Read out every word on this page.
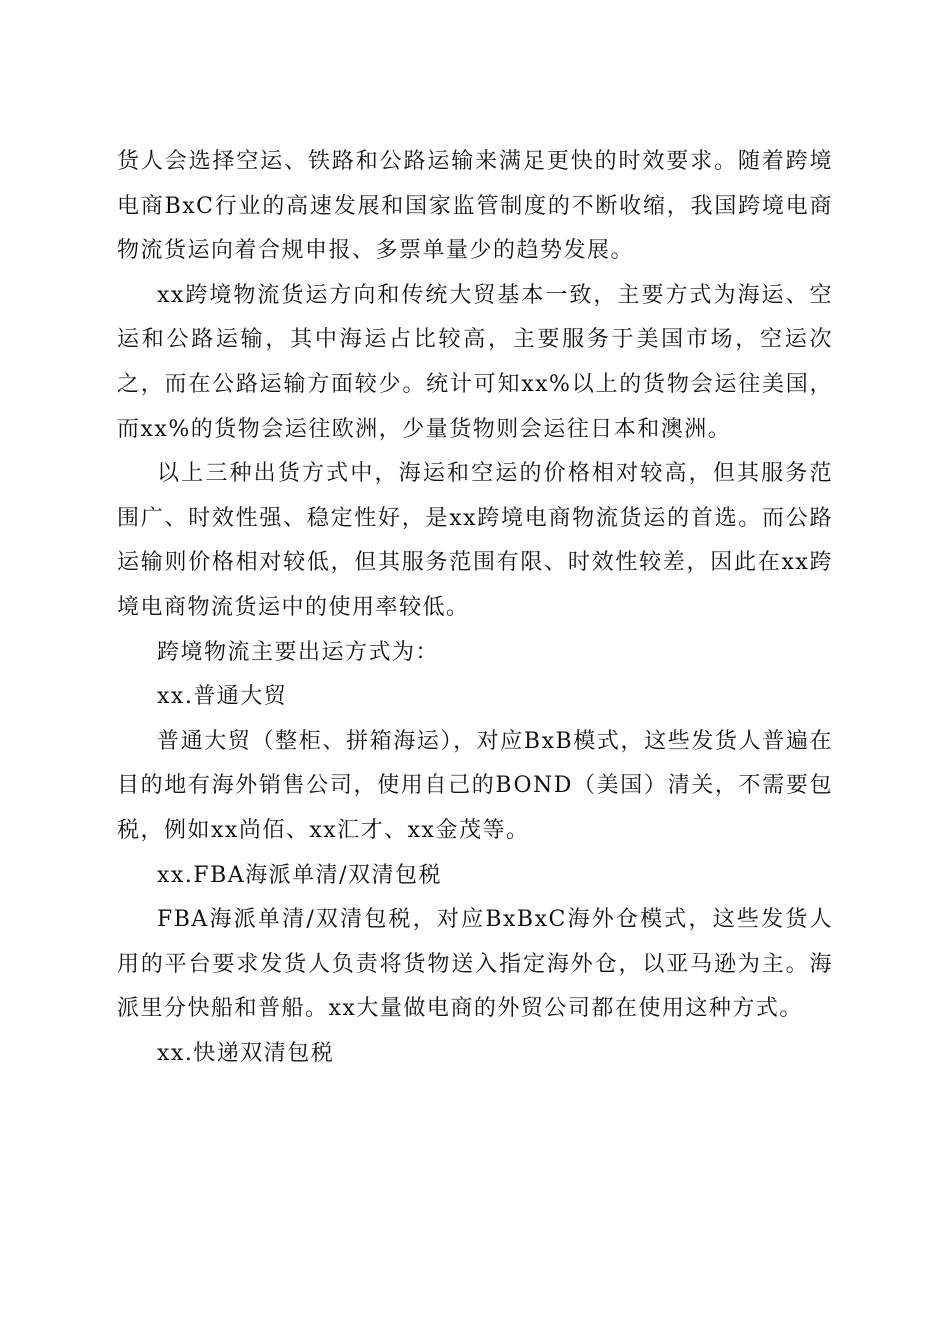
货人会选择空运、铁路和公路运输来满足更快的时效要求。随着跨境电商BxC行业的高速发展和国家监管制度的不断收缩，我国跨境电商物流货运向着合规申报、多票单量少的趋势发展。

xx跨境物流货运方向和传统大贸基本一致，主要方式为海运、空运和公路运输，其中海运占比较高，主要服务于美国市场，空运次之，而在公路运输方面较少。统计可知xx%以上的货物会运往美国，而xx%的货物会运往欧洲，少量货物则会运往日本和澳洲。

以上三种出货方式中，海运和空运的价格相对较高，但其服务范围广、时效性强、稳定性好，是xx跨境电商物流货运的首选。而公路运输则价格相对较低，但其服务范围有限、时效性较差，因此在xx跨境电商物流货运中的使用率较低。

跨境物流主要出运方式为：

xx.普通大贸

普通大贸（整柜、拼箱海运），对应BxB模式，这些发货人普遍在目的地有海外销售公司，使用自己的BOND（美国）清关，不需要包税，例如xx尚佰、xx汇才、xx金茂等。

xx.FBA海派单清/双清包税

FBA海派单清/双清包税，对应BxBxC海外仓模式，这些发货人用的平台要求发货人负责将货物送入指定海外仓，以亚马逊为主。海派里分快船和普船。xx大量做电商的外贸公司都在使用这种方式。

xx.快递双清包税
